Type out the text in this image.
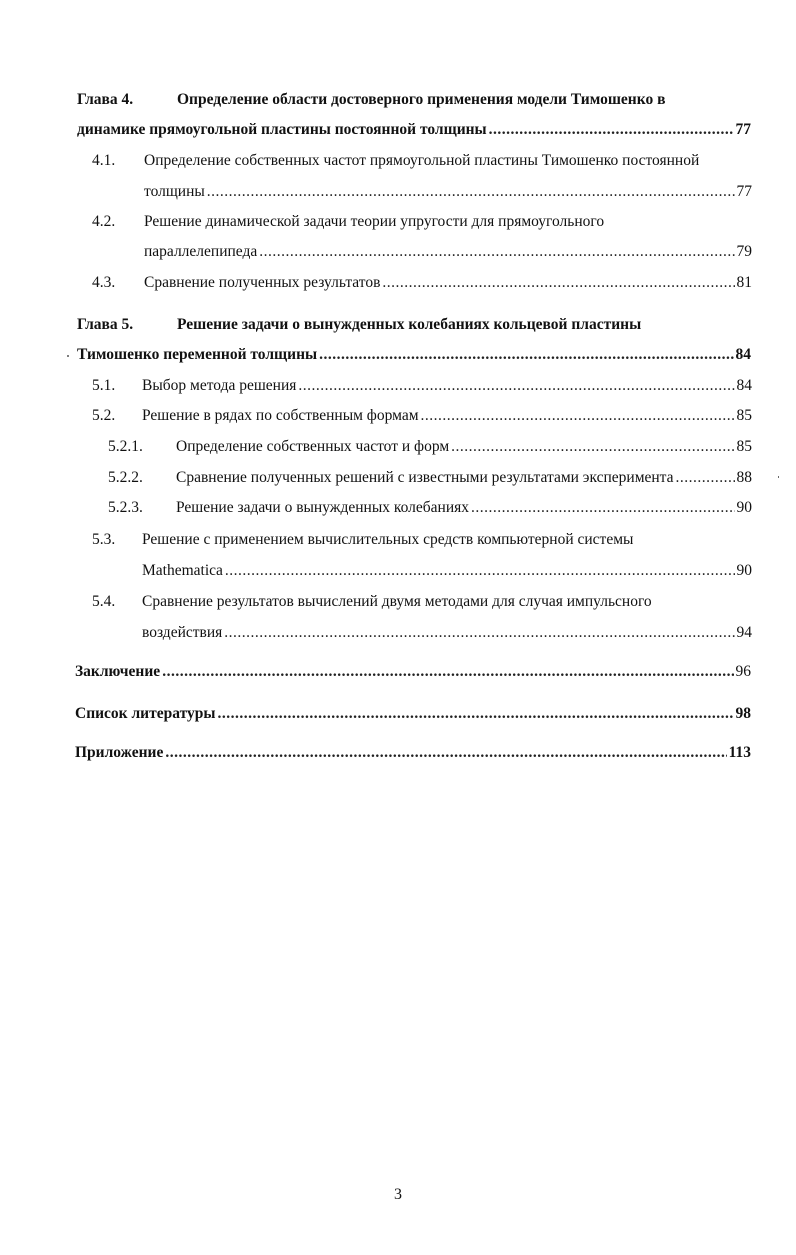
Глава 4.	Определение области достоверного применения модели Тимошенко в
динамике прямоугольной пластины постоянной толщины .....	77
4.1.	Определение собственных частот прямоугольной пластины Тимошенко постоянной
толщины .....	77
4.2.	Решение динамической задачи теории упругости для прямоугольного
параллелепипеда .....	79
4.3.	Сравнение полученных результатов .....	81
Глава 5.	Решение задачи о вынужденных колебаниях кольцевой пластины
Тимошенко переменной толщины .....	84
5.1.	Выбор метода решения .....	84
5.2.	Решение в рядах по собственным формам .....	85
5.2.1.	Определение собственных частот и форм .....	85
5.2.2.	Сравнение полученных решений с известными результатами эксперимента .....	88
5.2.3.	Решение задачи о вынужденных колебаниях .....	90
5.3.	Решение с применением вычислительных средств компьютерной системы
Mathematica .....	90
5.4.	Сравнение результатов вычислений двумя методами для случая импульсного
воздействия .....	94
Заключение .....	96
Список литературы .....	98
Приложение .....	113
3
